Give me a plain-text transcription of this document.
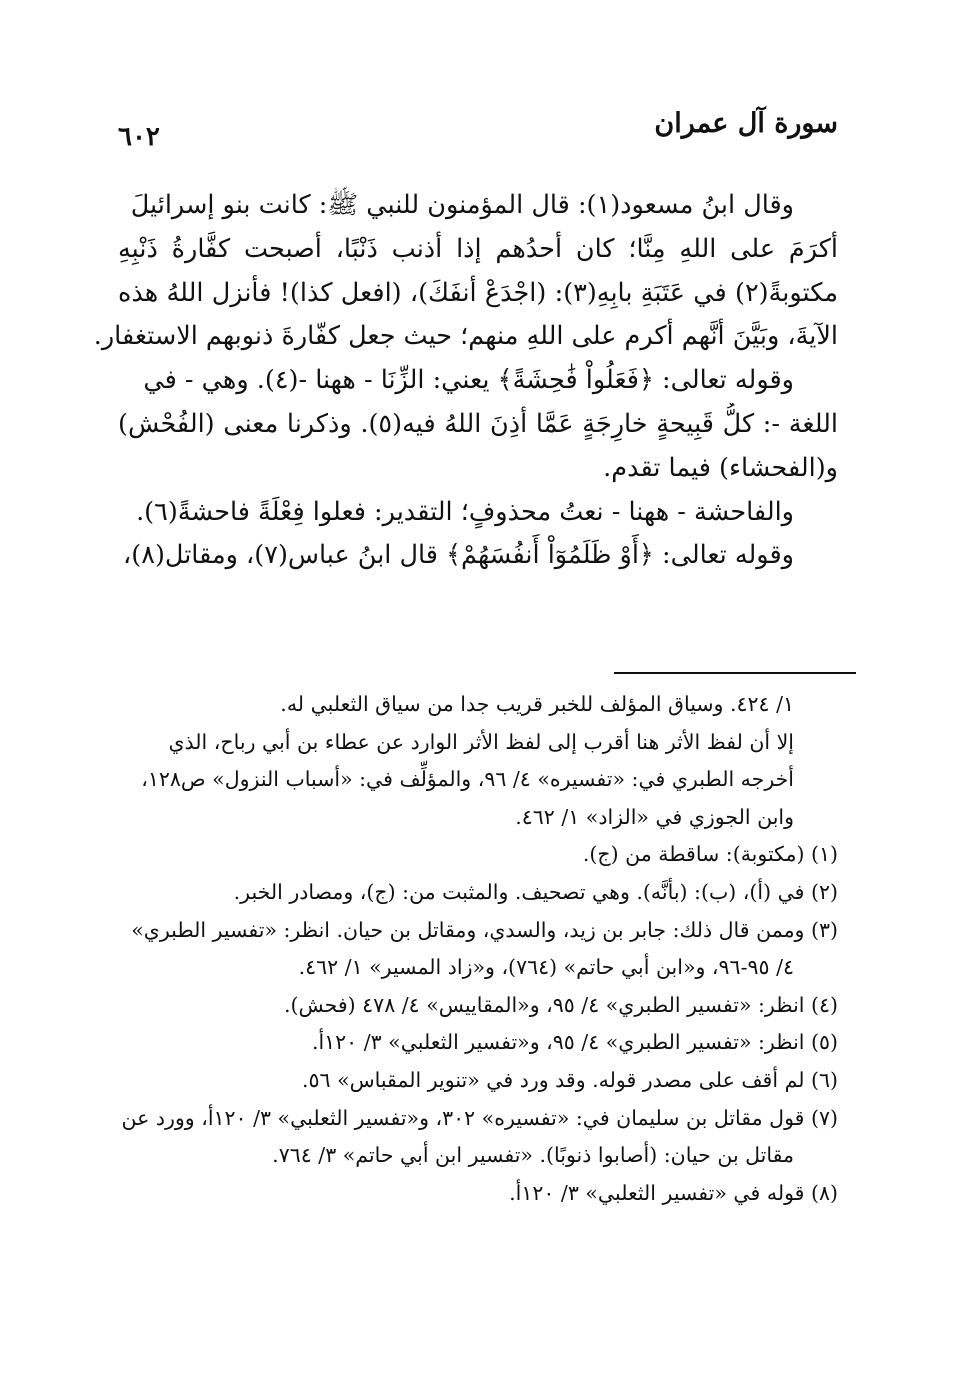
سورة آل عمران
٦٠٢
وقال ابنُ مسعود(١): قال المؤمنون للنبي ﷺ: كانت بنو إسرائيلَ
أكرَمَ على اللهِ مِنَّا؛ كان أحدُهم إذا أذنب ذَنْبًا، أصبحت كفَّارةُ ذَنْبِهِ
مكتوبةً(٢) في عَتَبَةِ بابِهِ(٣): (اجْدَعْ أنفَكَ)، (افعل كذا)! فأنزل اللهُ هذه
الآيةَ، وبَيَّنَ أنَّهم أكرم على اللهِ منهم؛ حيث جعل كفّارةَ ذنوبهم الاستغفار.
وقوله تعالى: ﴿فَعَلُواْ فَٰحِشَةً﴾ يعني: الزِّنَا - ههنا -(٤). وهي - في
اللغة -: كلُّ قَبِيحةٍ خارِجَةٍ عَمَّا أذِنَ اللهُ فيه(٥). وذكرنا معنى (الفُحْش)
و(الفحشاء) فيما تقدم.
والفاحشة - ههنا - نعتُ محذوفٍ؛ التقدير: فعلوا فِعْلَةً فاحشةً(٦).
وقوله تعالى: ﴿أَوْ ظَلَمُوٓاْ أَنفُسَهُمْ﴾ قال ابنُ عباس(٧)، ومقاتل(٨)،
١/ ٤٢٤. وسياق المؤلف للخبر قريب جدا من سياق الثعلبي له.
إلا أن لفظ الأثر هنا أقرب إلى لفظ الأثر الوارد عن عطاء بن أبي رباح، الذي
أخرجه الطبري في: «تفسيره» ٤/ ٩٦، والمؤلِّف في: «أسباب النزول» ص١٢٨،
وابن الجوزي في «الزاد» ١/ ٤٦٢.
(١) (مكتوبة): ساقطة من (ج).
(٢) في (أ)، (ب): (بأنَّه). وهي تصحيف. والمثبت من: (ج)، ومصادر الخبر.
(٣) وممن قال ذلك: جابر بن زيد، والسدي، ومقاتل بن حيان. انظر: «تفسير الطبري»
٤/ ٩٥-٩٦، و«ابن أبي حاتم» (٧٦٤)، و«زاد المسير» ١/ ٤٦٢.
(٤) انظر: «تفسير الطبري» ٤/ ٩٥، و«المقاييس» ٤/ ٤٧٨ (فحش).
(٥) انظر: «تفسير الطبري» ٤/ ٩٥، و«تفسير الثعلبي» ٣/ ١٢٠أ.
(٦) لم أقف على مصدر قوله. وقد ورد في «تنوير المقباس» ٥٦.
(٧) قول مقاتل بن سليمان في: «تفسيره» ٣٠٢، و«تفسير الثعلبي» ٣/ ١٢٠أ، وورد عن
مقاتل بن حيان: (أصابوا ذنوبًا). «تفسير ابن أبي حاتم» ٣/ ٧٦٤.
(٨) قوله في «تفسير الثعلبي» ٣/ ١٢٠أ.
